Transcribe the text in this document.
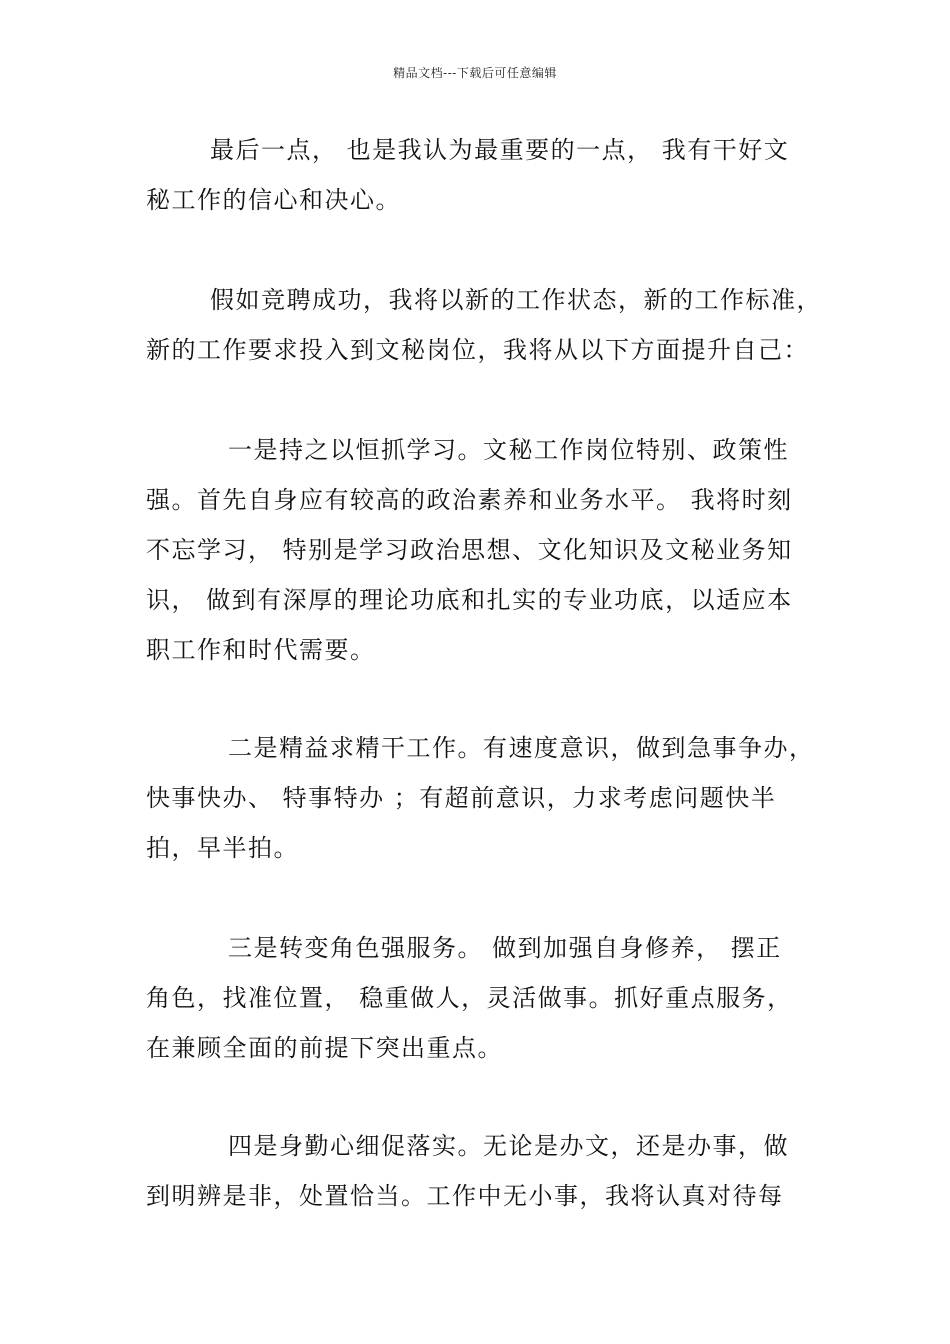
精品文档---下载后可任意编辑
最后一点， 也是我认为最重要的一点， 我有干好文
秘工作的信心和决心。
假如竞聘成功，我将以新的工作状态，新的工作标准，
新的工作要求投入到文秘岗位，我将从以下方面提升自己：
一是持之以恒抓学习。文秘工作岗位特别、政策性
强。首先自身应有较高的政治素养和业务水平。 我将时刻
不忘学习， 特别是学习政治思想、文化知识及文秘业务知
识， 做到有深厚的理论功底和扎实的专业功底，以适应本
职工作和时代需要。
二是精益求精干工作。有速度意识，做到急事争办，
快事快办、 特事特办 ；有超前意识，力求考虑问题快半
拍，早半拍。
三是转变角色强服务。 做到加强自身修养， 摆正
角色，找准位置， 稳重做人，灵活做事。抓好重点服务，
在兼顾全面的前提下突出重点。
四是身勤心细促落实。无论是办文，还是办事，做
到明辨是非，处置恰当。工作中无小事，我将认真对待每
